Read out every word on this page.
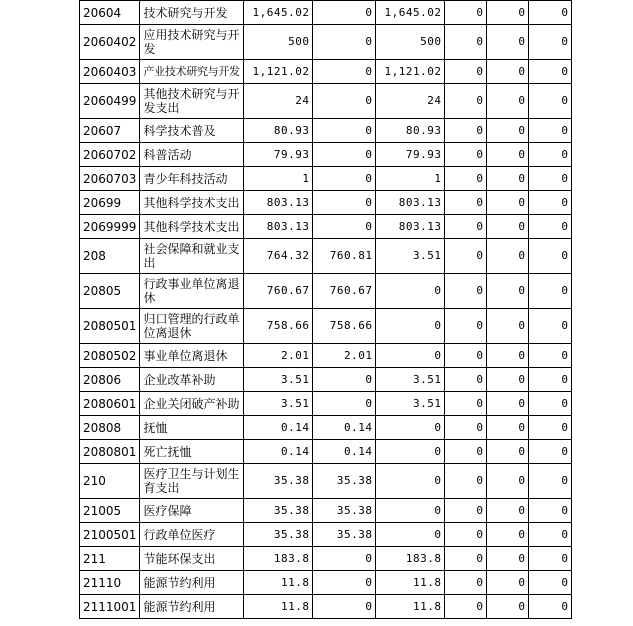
20604	技术研究与开发	1,645.02	0	1,645.02	0	0	0
2060402	应用技术研究与开发	500	0	500	0	0	0
2060403	产业技术研究与开发	1,121.02	0	1,121.02	0	0	0
2060499	其他技术研究与开发支出	24	0	24	0	0	0
20607	科学技术普及	80.93	0	80.93	0	0	0
2060702	科普活动	79.93	0	79.93	0	0	0
2060703	青少年科技活动	1	0	1	0	0	0
20699	其他科学技术支出	803.13	0	803.13	0	0	0
2069999	其他科学技术支出	803.13	0	803.13	0	0	0
208	社会保障和就业支出	764.32	760.81	3.51	0	0	0
20805	行政事业单位离退休	760.67	760.67	0	0	0	0
2080501	归口管理的行政单位离退休	758.66	758.66	0	0	0	0
2080502	事业单位离退休	2.01	2.01	0	0	0	0
20806	企业改革补助	3.51	0	3.51	0	0	0
2080601	企业关闭破产补助	3.51	0	3.51	0	0	0
20808	抚恤	0.14	0.14	0	0	0	0
2080801	死亡抚恤	0.14	0.14	0	0	0	0
210	医疗卫生与计划生育支出	35.38	35.38	0	0	0	0
21005	医疗保障	35.38	35.38	0	0	0	0
2100501	行政单位医疗	35.38	35.38	0	0	0	0
211	节能环保支出	183.8	0	183.8	0	0	0
21110	能源节约利用	11.8	0	11.8	0	0	0
2111001	能源节约利用	11.8	0	11.8	0	0	0
